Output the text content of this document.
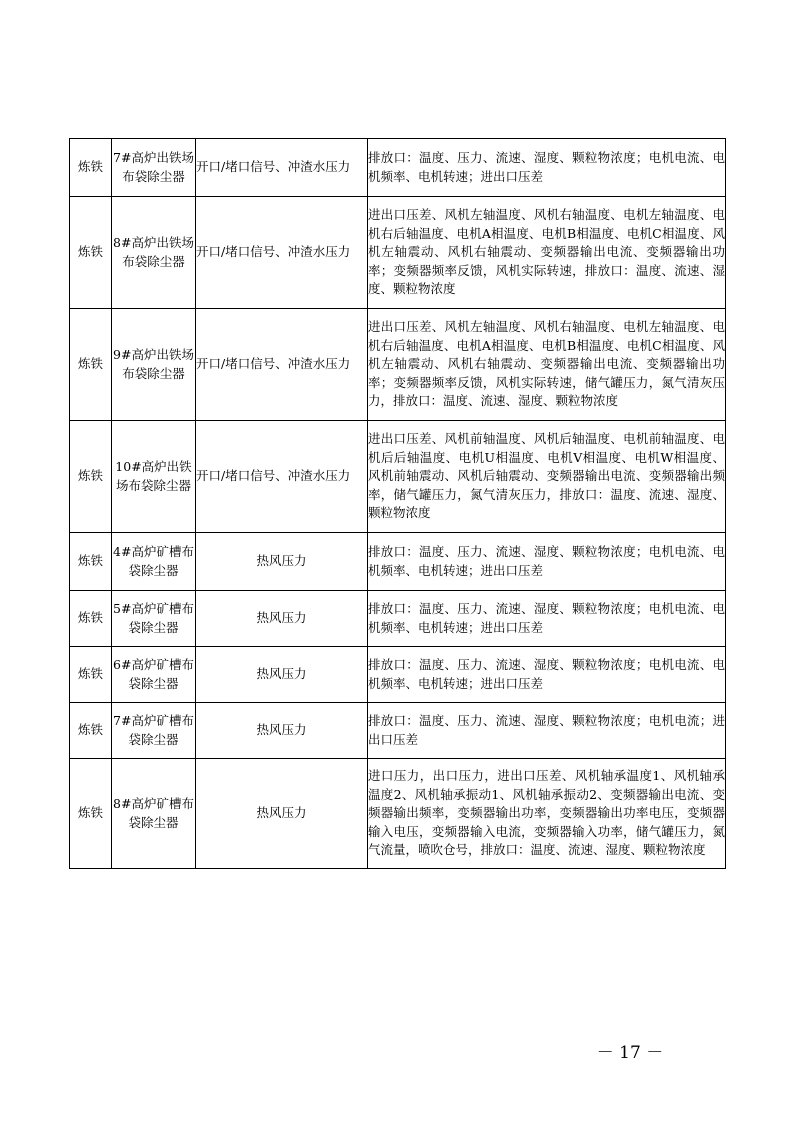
炼铁	7#高炉出铁场布袋除尘器	开口/堵口信号、冲渣水压力	排放口：温度、压力、流速、湿度、颗粒物浓度；电机电流、电机频率、电机转速；进出口压差
炼铁	8#高炉出铁场布袋除尘器	开口/堵口信号、冲渣水压力	进出口压差、风机左轴温度、风机右轴温度、电机左轴温度、电机右后轴温度、电机A相温度、电机B相温度、电机C相温度、风机左轴震动、风机右轴震动、变频器输出电流、变频器输出功率；变频器频率反馈，风机实际转速，排放口：温度、流速、湿度、颗粒物浓度
炼铁	9#高炉出铁场布袋除尘器	开口/堵口信号、冲渣水压力	进出口压差、风机左轴温度、风机右轴温度、电机左轴温度、电机右后轴温度、电机A相温度、电机B相温度、电机C相温度、风机左轴震动、风机右轴震动、变频器输出电流、变频器输出功率；变频器频率反馈，风机实际转速，储气罐压力，氮气清灰压力，排放口：温度、流速、湿度、颗粒物浓度
炼铁	10#高炉出铁场布袋除尘器	开口/堵口信号、冲渣水压力	进出口压差、风机前轴温度、风机后轴温度、电机前轴温度、电机后后轴温度、电机U相温度、电机V相温度、电机W相温度、风机前轴震动、风机后轴震动、变频器输出电流、变频器输出频率，储气罐压力，氮气清灰压力，排放口：温度、流速、湿度、颗粒物浓度
炼铁	4#高炉矿槽布袋除尘器	热风压力	排放口：温度、压力、流速、湿度、颗粒物浓度；电机电流、电机频率、电机转速；进出口压差
炼铁	5#高炉矿槽布袋除尘器	热风压力	排放口：温度、压力、流速、湿度、颗粒物浓度；电机电流、电机频率、电机转速；进出口压差
炼铁	6#高炉矿槽布袋除尘器	热风压力	排放口：温度、压力、流速、湿度、颗粒物浓度；电机电流、电机频率、电机转速；进出口压差
炼铁	7#高炉矿槽布袋除尘器	热风压力	排放口：温度、压力、流速、湿度、颗粒物浓度；电机电流；进出口压差
炼铁	8#高炉矿槽布袋除尘器	热风压力	进口压力，出口压力，进出口压差、风机轴承温度1、风机轴承温度2、风机轴承振动1、风机轴承振动2、变频器输出电流、变频器输出频率，变频器输出功率，变频器输出功率电压，变频器输入电压，变频器输入电流，变频器输入功率，储气罐压力，氮气流量，喷吹仓号，排放口：温度、流速、湿度、颗粒物浓度
－ 17 －
